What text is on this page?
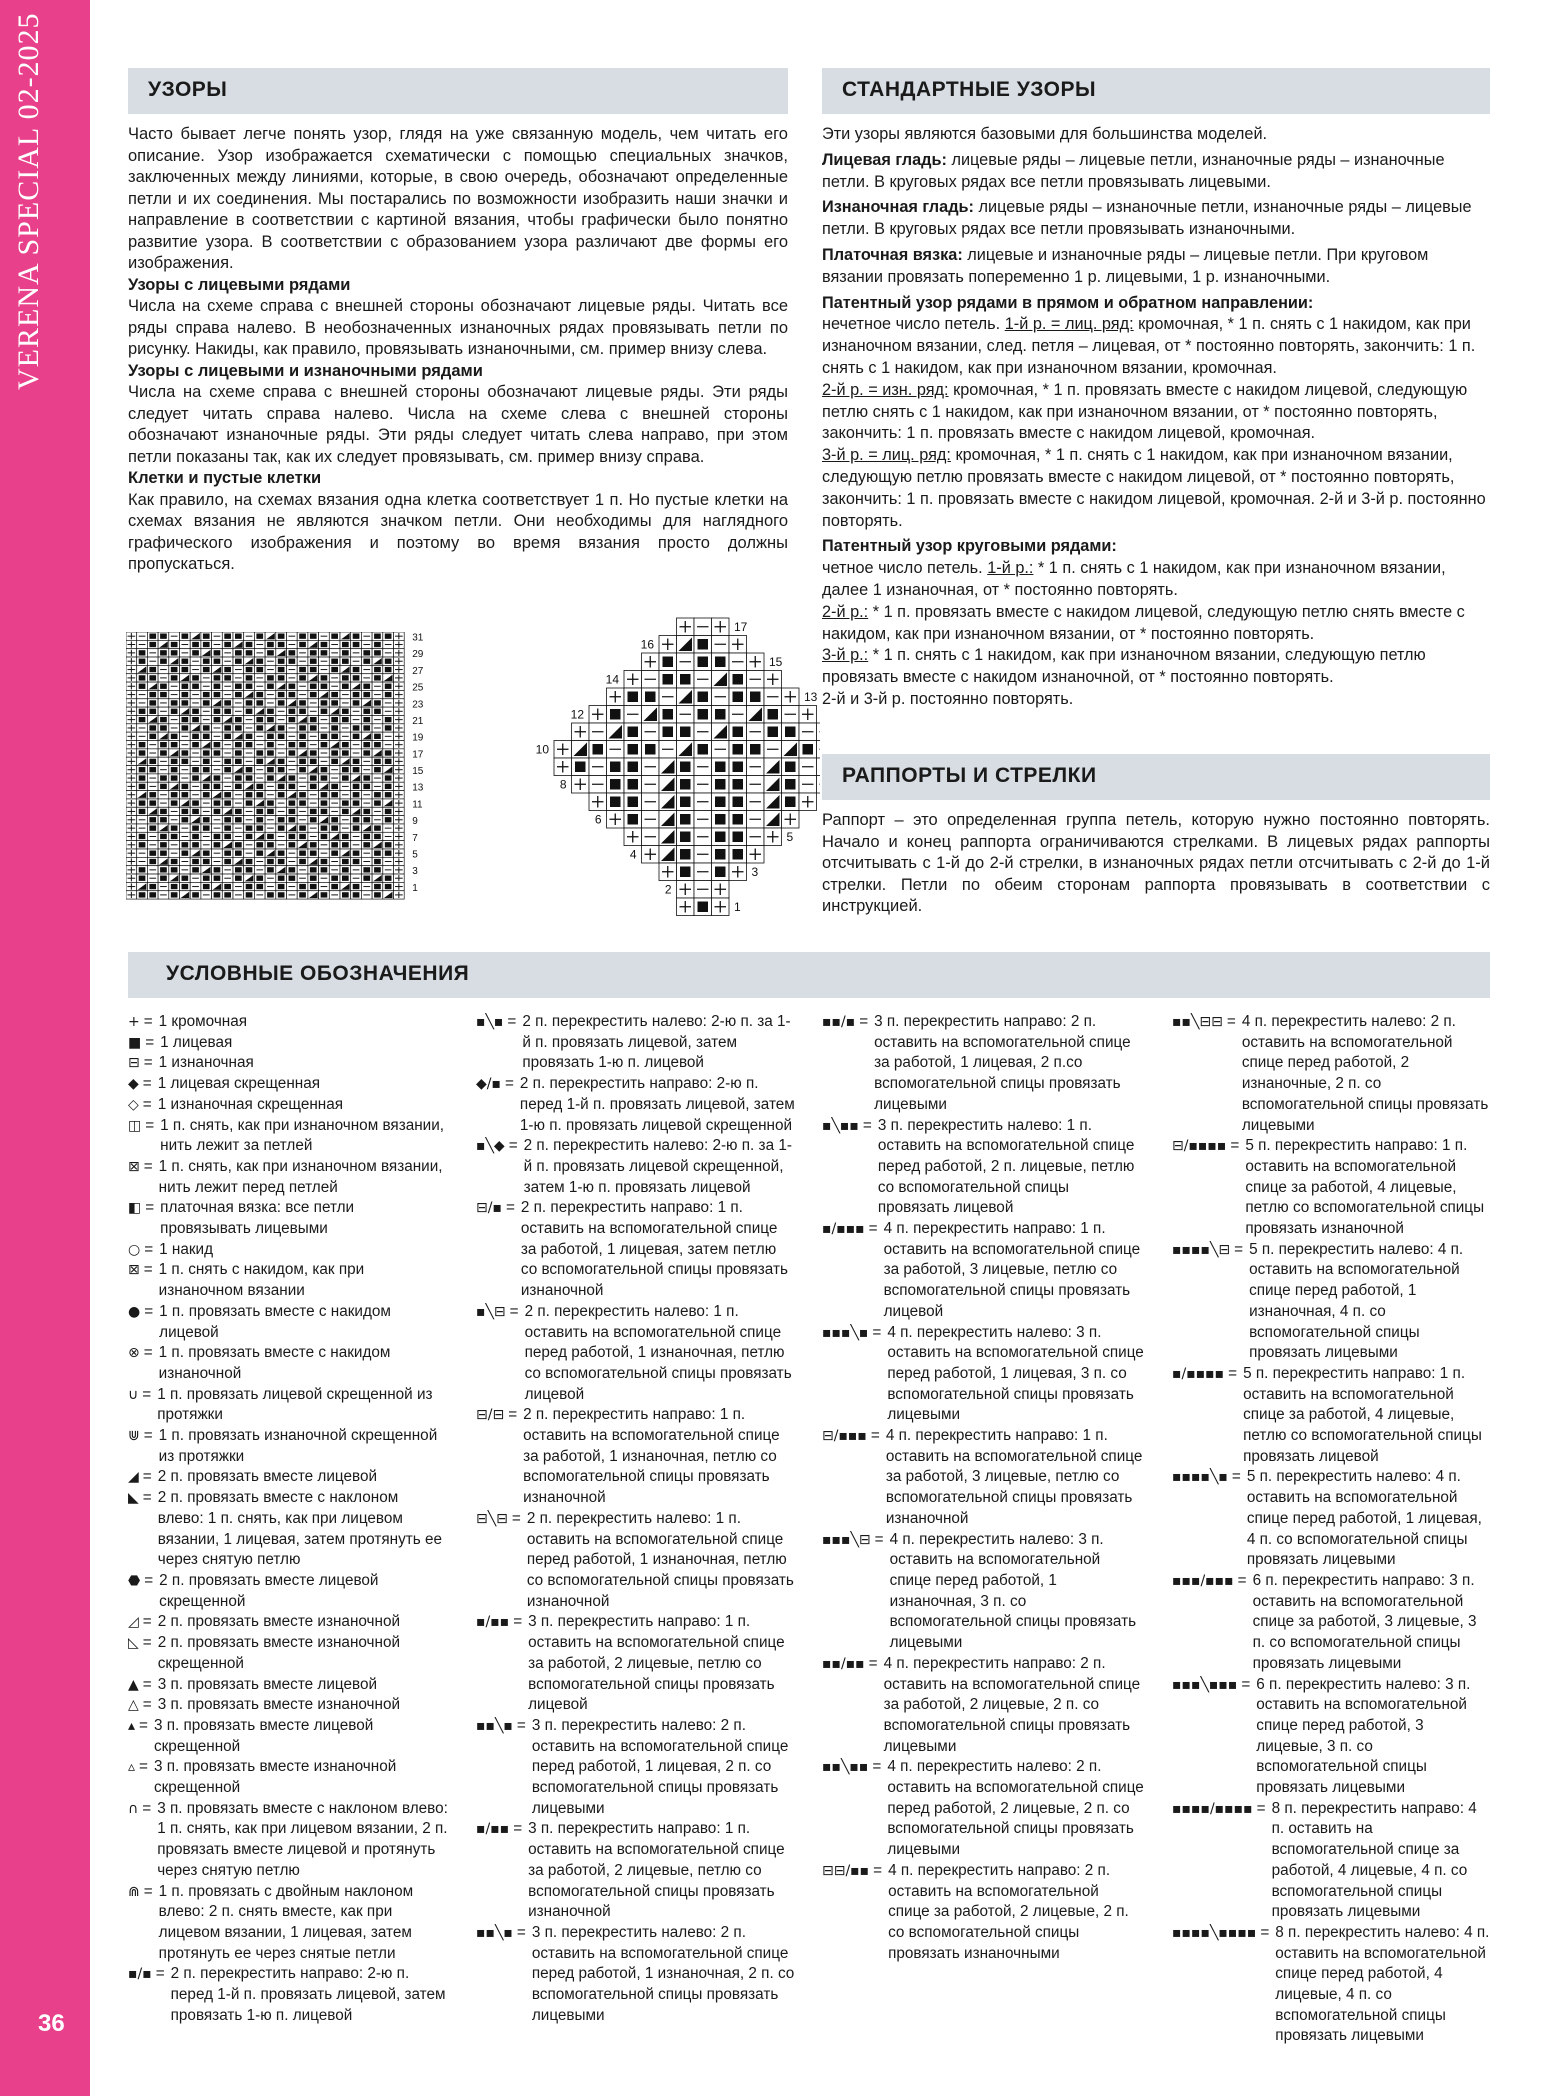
VERENA SPECIAL 02-2025
36
УЗОРЫ

Часто бывает легче понять узор, глядя на уже связанную модель, чем читать его описание. Узор изображается схематически с помощью специальных значков, заключенных между линиями, которые, в свою очередь, обозначают определенные петли и их соединения. Мы постарались по возможности изобразить наши значки и направление в соответствии с картиной вязания, чтобы графически было понятно развитие узора. В соответствии с образованием узора различают две формы его изображения.

Узоры с лицевыми рядами

Числа на схеме справа с внешней стороны обозначают лицевые ряды. Читать все ряды справа налево. В необозначенных изнаночных рядах провязывать петли по рисунку. Накиды, как правило, провязывать изнаночными, см. пример внизу слева.

Узоры с лицевыми и изнаночными рядами

Числа на схеме справа с внешней стороны обозначают лицевые ряды. Эти ряды следует читать справа налево. Числа на схеме слева с внешней стороны обозначают изнаночные ряды. Эти ряды следует читать слева направо, при этом петли показаны так, как их следует провязывать, см. пример внизу справа.

Клетки и пустые клетки

Как правило, на схемах вязания одна клетка соответствует 1 п. Но пустые клетки на схемах вязания не являются значком петли. Они необходимы для наглядного графического изображения и поэтому во время вязания просто должны пропускаться.

31
29
27
25
23
21
19
17
15
13
11
9
7
5
3
1
17
15
13
5
3
1
16
14
12
10
8
6
4
2
СТАНДАРТНЫЕ УЗОРЫ

Эти узоры являются базовыми для большинства моделей.

Лицевая гладь: лицевые ряды – лицевые петли, изнаночные ряды – изнаночные петли. В круговых рядах все петли провязывать лицевыми.

Изнаночная гладь: лицевые ряды – изнаночные петли, изнаночные ряды – лицевые петли. В круговых рядах все петли провязывать изнаночными.

Платочная вязка: лицевые и изнаночные ряды – лицевые петли. При круговом вязании провязать попеременно 1 р. лицевыми, 1 р. изнаночными.

Патентный узор рядами в прямом и обратном направлении:

нечетное число петель. 1-й р. = лиц. ряд: кромочная, * 1 п. снять с 1 накидом, как при изнаночном вязании, след. петля – лицевая, от * постоянно повторять, закончить: 1 п. снять с 1 накидом, как при изнаночном вязании, кромочная.

2-й р. = изн. ряд: кромочная, * 1 п. провязать вместе с накидом лицевой, следующую петлю снять с 1 накидом, как при изнаночном вязании, от * постоянно повторять, закончить: 1 п. провязать вместе с накидом лицевой, кромочная.

3-й р. = лиц. ряд: кромочная, * 1 п. снять с 1 накидом, как при изнаночном вязании, следующую петлю провязать вместе с накидом лицевой, от * постоянно повторять, закончить: 1 п. провязать вместе с накидом лицевой, кромочная. 2-й и 3-й р. постоянно повторять.

Патентный узор круговыми рядами:

четное число петель. 1-й р.: * 1 п. снять с 1 накидом, как при изнаночном вязании, далее 1 изнаночная, от * постоянно повторять.

2-й р.: * 1 п. провязать вместе с накидом лицевой, следующую петлю снять вместе с накидом, как при изнаночном вязании, от * постоянно повторять.

3-й р.: * 1 п. снять с 1 накидом, как при изнаночном вязании, следующую петлю провязать вместе с накидом изнаночной, от * постоянно повторять.

2-й и 3-й р. постоянно повторять.

РАППОРТЫ И СТРЕЛКИ
Раппорт – это определенная группа петель, которую нужно постоянно повторять. Начало и конец раппорта ограничиваются стрелками. В лицевых рядах раппорты отсчитывать с 1-й до 2-й стрелки, в изнаночных рядах петли отсчитывать с 2-й до 1-й стрелки. Петли по обеим сторонам раппорта провязывать в соответствии с инструкцией.
УСЛОВНЫЕ ОБОЗНАЧЕНИЯ
+ = 1 кромочная
■ = 1 лицевая
⊟ = 1 изнаночная
◆ = 1 лицевая скрещенная
◇ = 1 изнаночная скрещенная
◫ = 1 п. снять, как при изнаночном вязании, нить лежит за петлей
⊠ = 1 п. снять, как при изнаночном вязании, нить лежит перед петлей
◧ = платочная вязка: все петли провязывать лицевыми
○ = 1 накид
⊠ = 1 п. снять с накидом, как при изнаночном вязании
● = 1 п. провязать вместе с накидом лицевой
⊗ = 1 п. провязать вместе с накидом изнаночной
∪ = 1 п. провязать лицевой скрещенной из протяжки
⋓ = 1 п. провязать изнаночной скрещенной из протяжки
◢ = 2 п. провязать вместе лицевой
◣ = 2 п. провязать вместе с наклоном влево: 1 п. снять, как при лицевом вязании, 1 лицевая, затем протянуть ее через снятую петлю
⬣ = 2 п. провязать вместе лицевой скрещенной
◿ = 2 п. провязать вместе изнаночной
◺ = 2 п. провязать вместе изнаночной скрещенной
▲ = 3 п. провязать вместе лицевой
△ = 3 п. провязать вместе изнаночной
▴ = 3 п. провязать вместе лицевой скрещенной
▵ = 3 п. провязать вместе изнаночной скрещенной
∩ = 3 п. провязать вместе с наклоном влево: 1 п. снять, как при лицевом вязании, 2 п. провязать вместе лицевой и протянуть через снятую петлю
⋒ = 1 п. провязать с двойным наклоном влево: 2 п. снять вместе, как при лицевом вязании, 1 лицевая, затем протянуть ее через снятые петли
▪/▪ = 2 п. перекрестить направо: 2-ю п. перед 1-й п. провязать лицевой, затем провязать 1-ю п. лицевой
▪╲▪ = 2 п. перекрестить налево: 2-ю п. за 1-й п. провязать лицевой, затем провязать 1-ю п. лицевой
◆/▪ = 2 п. перекрестить направо: 2-ю п. перед 1-й п. провязать лицевой, затем 1-ю п. провязать лицевой скрещенной
▪╲◆ = 2 п. перекрестить налево: 2-ю п. за 1-й п. провязать лицевой скрещенной, затем 1-ю п. провязать лицевой
⊟/▪ = 2 п. перекрестить направо: 1 п. оставить на вспомогательной спице за работой, 1 лицевая, затем петлю со вспомогательной спицы провязать изнаночной
▪╲⊟ = 2 п. перекрестить налево: 1 п. оставить на вспомогательной спице перед работой, 1 изнаночная, петлю со вспомогательной спицы провязать лицевой
⊟/⊟ = 2 п. перекрестить направо: 1 п. оставить на вспомогательной спице за работой, 1 изнаночная, петлю со вспомогательной спицы провязать изнаночной
⊟╲⊟ = 2 п. перекрестить налево: 1 п. оставить на вспомогательной спице перед работой, 1 изнаночная, петлю со вспомогательной спицы провязать изнаночной
▪/▪▪ = 3 п. перекрестить направо: 1 п. оставить на вспомогательной спице за работой, 2 лицевые, петлю со вспомогательной спицы провязать лицевой
▪▪╲▪ = 3 п. перекрестить налево: 2 п. оставить на вспомогательной спице перед работой, 1 лицевая, 2 п. со вспомогательной спицы провязать лицевыми
▪/▪▪ = 3 п. перекрестить направо: 1 п. оставить на вспомогательной спице за работой, 2 лицевые, петлю со вспомогательной спицы провязать изнаночной
▪▪╲▪ = 3 п. перекрестить налево: 2 п. оставить на вспомогательной спице перед работой, 1 изнаночная, 2 п. со вспомогательной спицы провязать лицевыми
▪▪/▪ = 3 п. перекрестить направо: 2 п. оставить на вспомогательной спице за работой, 1 лицевая, 2 п.со вспомогательной спицы провязать лицевыми
▪╲▪▪ = 3 п. перекрестить налево: 1 п. оставить на вспомогательной спице перед работой, 2 п. лицевые, петлю со вспомогательной спицы провязать лицевой
▪/▪▪▪ = 4 п. перекрестить направо: 1 п. оставить на вспомогательной спице за работой, 3 лицевые, петлю со вспомогательной спицы провязать лицевой
▪▪▪╲▪ = 4 п. перекрестить налево: 3 п. оставить на вспомогательной спице перед работой, 1 лицевая, 3 п. со вспомогательной спицы провязать лицевыми
⊟/▪▪▪ = 4 п. перекрестить направо: 1 п. оставить на вспомогательной спице за работой, 3 лицевые, петлю со вспомогательной спицы провязать изнаночной
▪▪▪╲⊟ = 4 п. перекрестить налево: 3 п. оставить на вспомогательной спице перед работой, 1 изнаночная, 3 п. со вспомогательной спицы провязать лицевыми
▪▪/▪▪ = 4 п. перекрестить направо: 2 п. оставить на вспомогательной спице за работой, 2 лицевые, 2 п. со вспомогательной спицы провязать лицевыми
▪▪╲▪▪ = 4 п. перекрестить налево: 2 п. оставить на вспомогательной спице перед работой, 2 лицевые, 2 п. со вспомогательной спицы провязать лицевыми
⊟⊟/▪▪ = 4 п. перекрестить направо: 2 п. оставить на вспомогательной спице за работой, 2 лицевые, 2 п. со вспомогательной спицы провязать изнаночными
▪▪╲⊟⊟ = 4 п. перекрестить налево: 2 п. оставить на вспомогательной спице перед работой, 2 изнаночные, 2 п. со вспомогательной спицы провязать лицевыми
⊟/▪▪▪▪ = 5 п. перекрестить направо: 1 п. оставить на вспомогательной спице за работой, 4 лицевые, петлю со вспомогательной спицы провязать изнаночной
▪▪▪▪╲⊟ = 5 п. перекрестить налево: 4 п. оставить на вспомогательной спице перед работой, 1 изнаночная, 4 п. со вспомогательной спицы провязать лицевыми
▪/▪▪▪▪ = 5 п. перекрестить направо: 1 п. оставить на вспомогательной спице за работой, 4 лицевые, петлю со вспомогательной спицы провязать лицевой
▪▪▪▪╲▪ = 5 п. перекрестить налево: 4 п. оставить на вспомогательной спице перед работой, 1 лицевая, 4 п. со вспомогательной спицы провязать лицевыми
▪▪▪/▪▪▪ = 6 п. перекрестить направо: 3 п. оставить на вспомогательной спице за работой, 3 лицевые, 3 п. со вспомогательной спицы провязать лицевыми
▪▪▪╲▪▪▪ = 6 п. перекрестить налево: 3 п. оставить на вспомогательной спице перед работой, 3 лицевые, 3 п. со вспомогательной спицы провязать лицевыми
▪▪▪▪/▪▪▪▪ = 8 п. перекрестить направо: 4 п. оставить на вспомогательной спице за работой, 4 лицевые, 4 п. со вспомогательной спицы провязать лицевыми
▪▪▪▪╲▪▪▪▪ = 8 п. перекрестить налево: 4 п. оставить на вспомогательной спице перед работой, 4 лицевые, 4 п. со вспомогательной спицы провязать лицевыми
